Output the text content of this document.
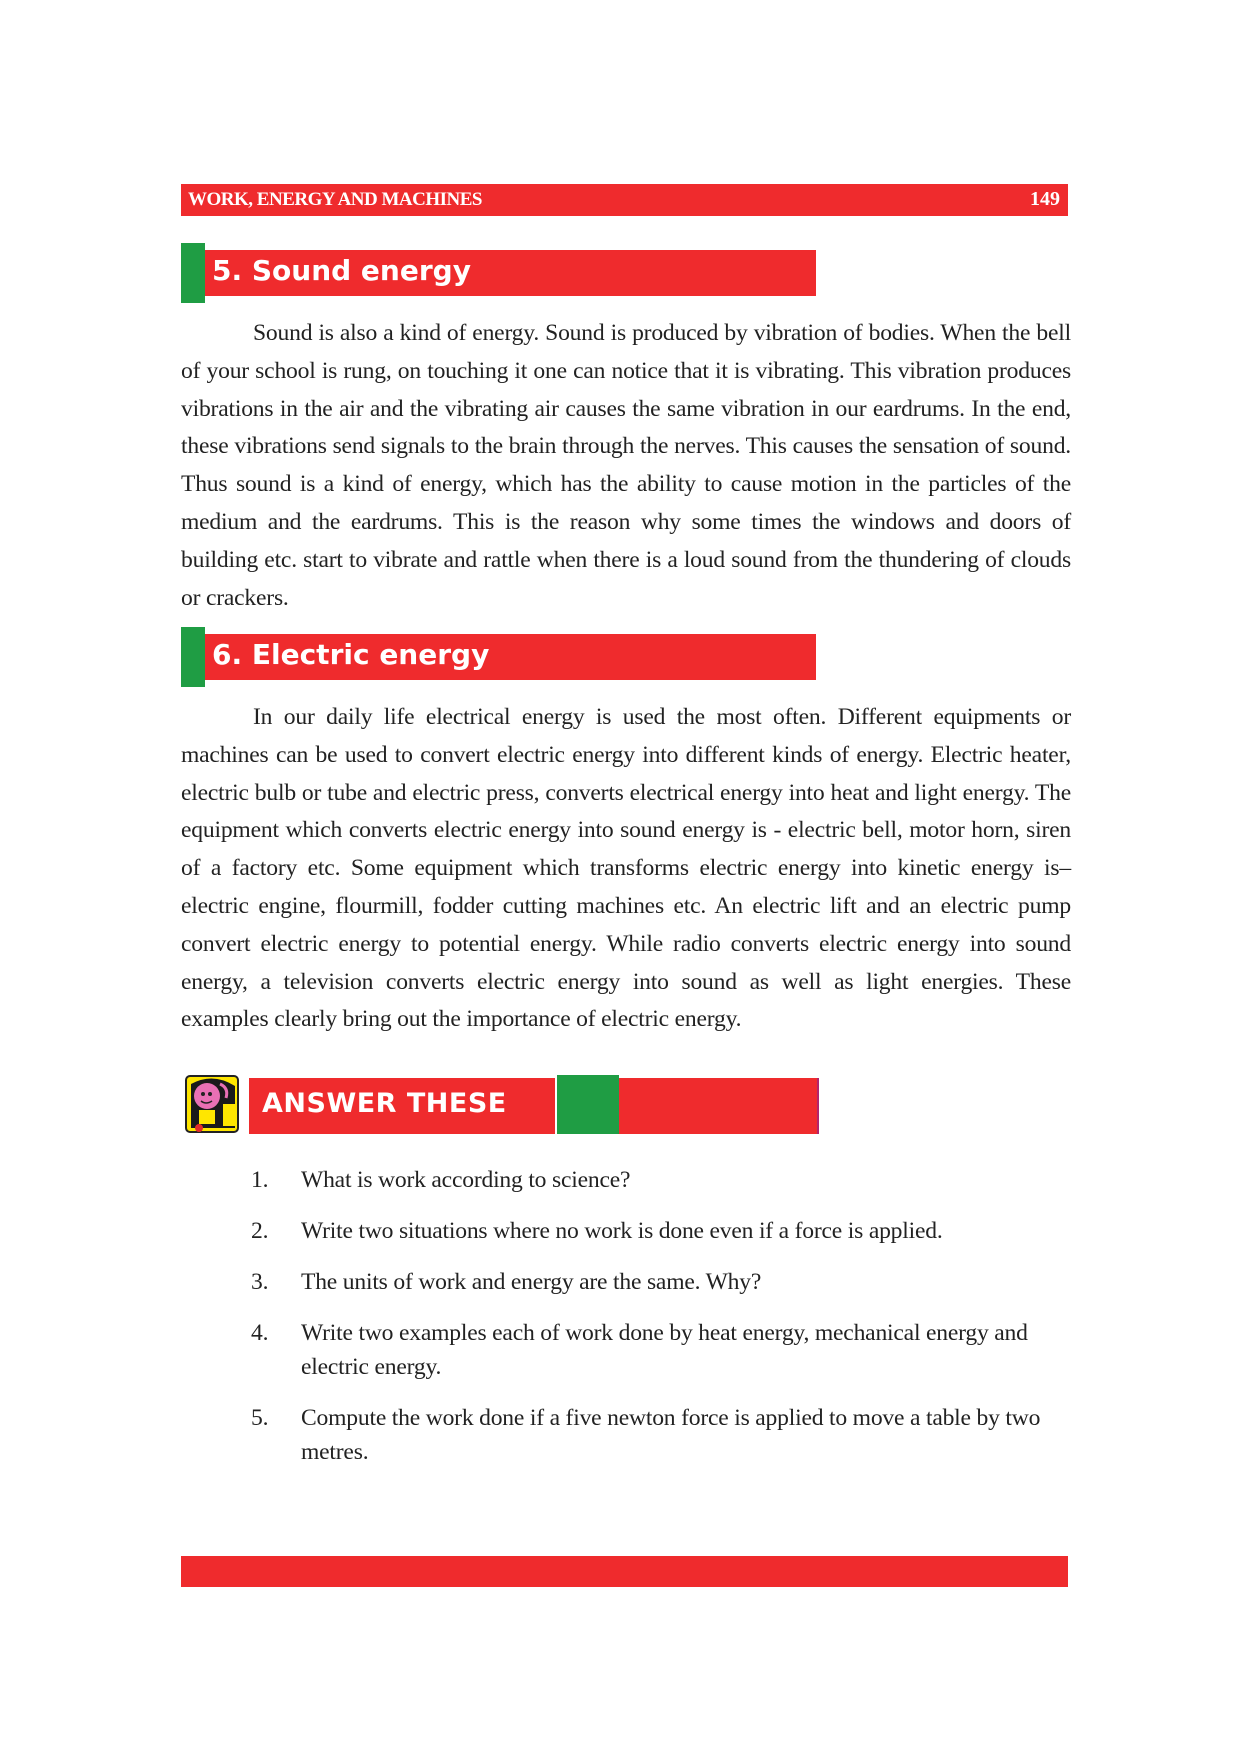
WORK, ENERGY AND MACHINES	149
5. Sound energy

Sound is also a kind of energy. Sound is produced by vibration of bodies. When the bell of your school is rung, on touching it one can notice that it is vibrating. This vibration produces vibrations in the air and the vibrating air causes the same vibration in our eardrums. In the end, these vibrations send signals to the brain through the nerves. This causes the sensation of sound. Thus sound is a kind of energy, which has the ability to cause motion in the particles of the medium and the eardrums. This is the reason why some times the windows and doors of building etc. start to vibrate and rattle when there is a loud sound from the thundering of clouds or crackers.

6. Electric energy

In our daily life electrical energy is used the most often. Different equipments or machines can be used to convert electric energy into different kinds of energy. Electric heater, electric bulb or tube and electric press, converts electrical energy into heat and light energy. The equipment which converts electric energy into sound energy is - electric bell, motor horn, siren of a factory etc. Some equipment which transforms electric energy into kinetic energy is– electric engine, flourmill, fodder cutting machines etc. An electric lift and an electric pump convert electric energy to potential energy. While radio converts electric energy into sound energy, a television converts electric energy into sound as well as light energies. These examples clearly bring out the importance of electric energy.

ANSWER THESE
1. What is work according to science?
2. Write two situations where no work is done even if a force is applied.
3. The units of work and energy are the same. Why?
4. Write two examples each of work done by heat energy, mechanical energy and electric energy.
5. Compute the work done if a five newton force is applied to move a table by two metres.
